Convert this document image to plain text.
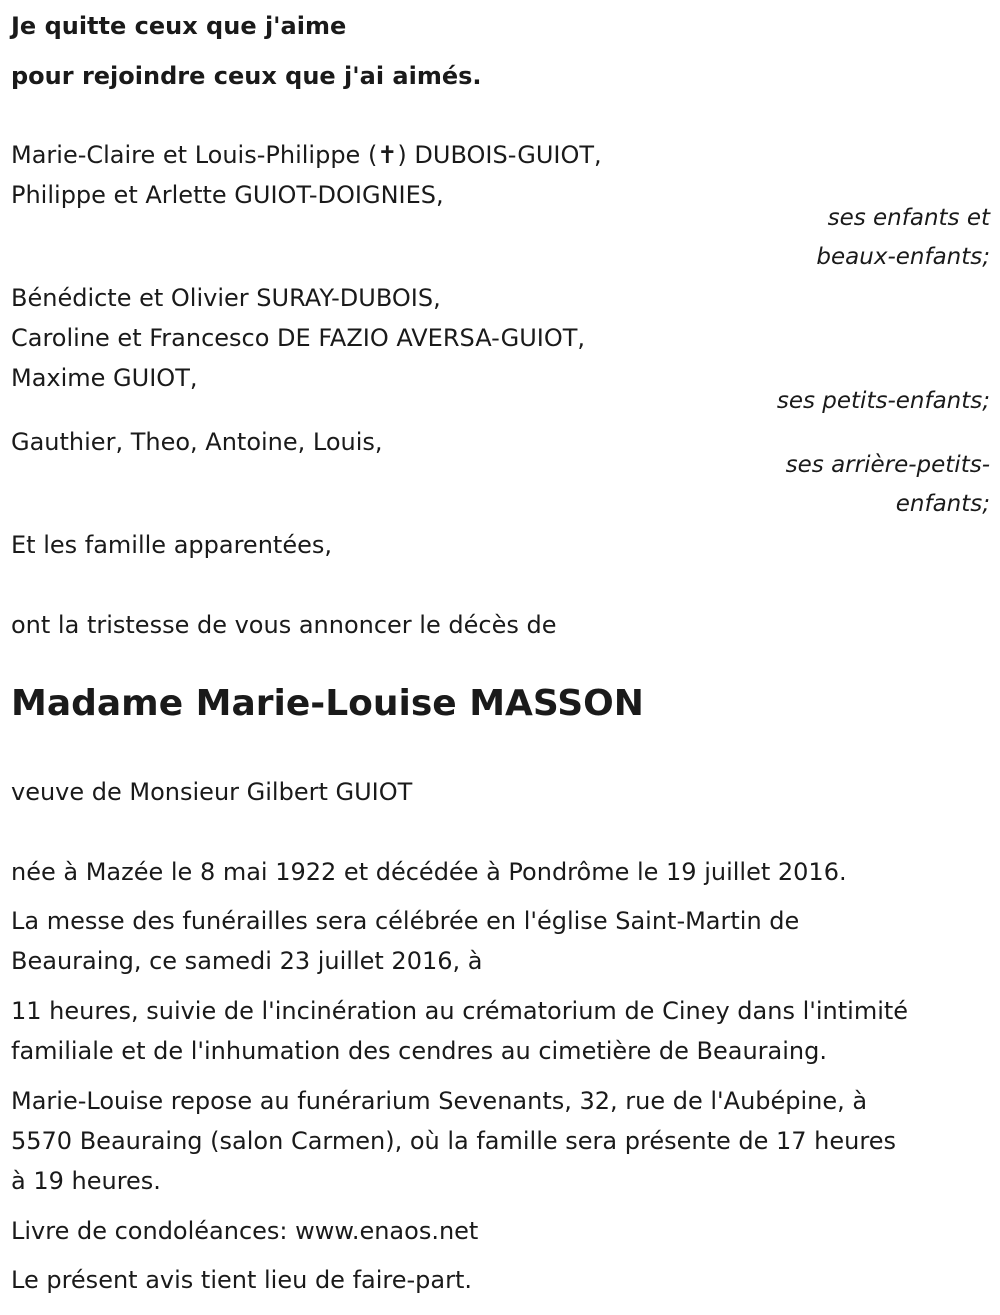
Je quitte ceux que j'aime
pour rejoindre ceux que j'ai aimés.
Marie-Claire et Louis-Philippe (✝) DUBOIS-GUIOT,
Philippe et Arlette GUIOT-DOIGNIES,
ses enfants et
beaux-enfants;
Bénédicte et Olivier SURAY-DUBOIS,
Caroline et Francesco DE FAZIO AVERSA-GUIOT,
Maxime GUIOT,
ses petits-enfants;
Gauthier, Theo, Antoine, Louis,
ses arrière-petits-
enfants;
Et les famille apparentées,
ont la tristesse de vous annoncer le décès de
Madame Marie-Louise MASSON
veuve de Monsieur Gilbert GUIOT
née à Mazée le 8 mai 1922 et décédée à Pondrôme le 19 juillet 2016.
La messe des funérailles sera célébrée en l'église Saint-Martin de
Beauraing, ce samedi 23 juillet 2016, à
11 heures, suivie de l'incinération au crématorium de Ciney dans l'intimité
familiale et de l'inhumation des cendres au cimetière de Beauraing.
Marie-Louise repose au funérarium Sevenants, 32, rue de l'Aubépine, à
5570 Beauraing (salon Carmen), où la famille sera présente de 17 heures
à 19 heures.
Livre de condoléances: www.enaos.net
Le présent avis tient lieu de faire-part.
